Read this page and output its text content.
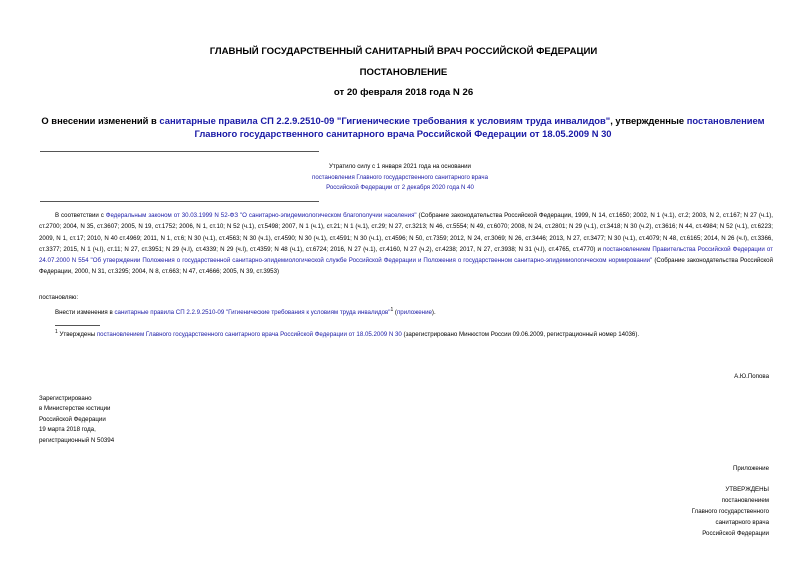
ГЛАВНЫЙ ГОСУДАРСТВЕННЫЙ САНИТАРНЫЙ ВРАЧ РОССИЙСКОЙ ФЕДЕРАЦИИ
ПОСТАНОВЛЕНИЕ
от 20 февраля 2018 года N 26
О внесении изменений в санитарные правила СП 2.2.9.2510-09 "Гигиенические требования к условиям труда инвалидов", утвержденные постановлением Главного государственного санитарного врача Российской Федерации от 18.05.2009 N 30
Утратило силу с 1 января 2021 года на основании
постановления Главного государственного санитарного врача
Российской Федерации от 2 декабря 2020 года N 40
В соответствии с Федеральным законом от 30.03.1999 N 52-ФЗ "О санитарно-эпидемиологическом благополучии населения" (Собрание законодательства Российской Федерации, 1999, N 14, ст.1650; 2002, N 1 (ч.1), ст.2; 2003, N 2, ст.167; N 27 (ч.1), ст.2700; 2004, N 35, ст.3607; 2005, N 19, ст.1752; 2006, N 1, ст.10; N 52 (ч.1), ст.5498; 2007, N 1 (ч.1), ст.21; N 1 (ч.1), ст.29; N 27, ст.3213; N 46, ст.5554; N 49, ст.6070; 2008, N 24, ст.2801; N 29 (ч.1), ст.3418; N 30 (ч.2), ст.3616; N 44, ст.4984; N 52 (ч.1), ст.6223; 2009, N 1, ст.17; 2010, N 40 ст.4969; 2011, N 1, ст.6; N 30 (ч.1), ст.4563; N 30 (ч.1), ст.4590; N 30 (ч.1), ст.4591; N 30 (ч.1), ст.4596; N 50, ст.7359; 2012, N 24, ст.3069; N 26, ст.3446; 2013, N 27, ст.3477; N 30 (ч.1), ст.4079; N 48, ст.6165; 2014, N 26 (ч.I), ст.3366, ст.3377; 2015, N 1 (ч.I), ст.11; N 27, ст.3951; N 29 (ч.I), ст.4339; N 29 (ч.I), ст.4359; N 48 (ч.1), ст.6724; 2016, N 27 (ч.1), ст.4160, N 27 (ч.2), ст.4238; 2017, N 27, ст.3938; N 31 (ч.I), ст.4765, ст.4770) и постановлением Правительства Российской Федерации от 24.07.2000 N 554 "Об утверждении Положения о государственной санитарно-эпидемиологической службе Российской Федерации и Положения о государственном санитарно-эпидемиологическом нормировании" (Собрание законодательства Российской Федерации, 2000, N 31, ст.3295; 2004, N 8, ст.663; N 47, ст.4666; 2005, N 39, ст.3953)
постановляю:
Внести изменения в санитарные правила СП 2.2.9.2510-09 "Гигиенические требования к условиям труда инвалидов"$^1$ (приложение).
$^1$ Утверждены постановлением Главного государственного санитарного врача Российской Федерации от 18.05.2009 N 30 (зарегистрировано Минюстом России 09.06.2009, регистрационный номер 14036).
А.Ю.Попова
Зарегистрировано
в Министерстве юстиции
Российской Федерации
19 марта 2018 года,
регистрационный N 50394
Приложение
УТВЕРЖДЕНЫ
постановлением
Главного государственного
санитарного врача
Российской Федерации
